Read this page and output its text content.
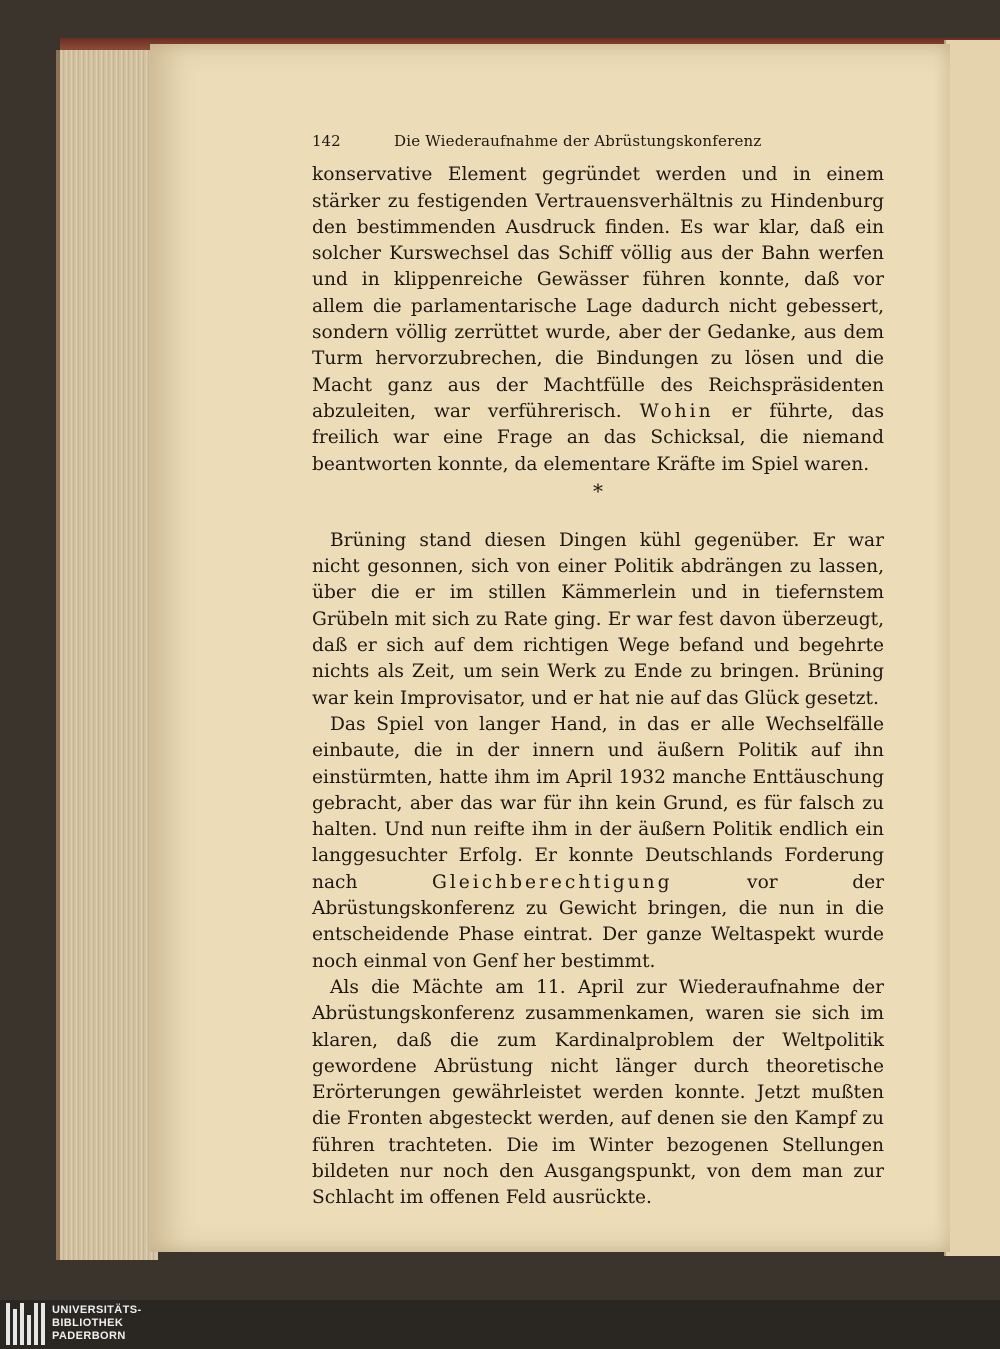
142	Die Wiederaufnahme der Abrüstungskonferenz

konservative Element gegründet werden und in einem stärker zu festigenden Vertrauensverhältnis zu Hindenburg den bestimmenden Ausdruck finden. Es war klar, daß ein solcher Kurswechsel das Schiff völlig aus der Bahn werfen und in klippenreiche Gewässer führen konnte, daß vor allem die parlamentarische Lage dadurch nicht gebessert, sondern völlig zerrüttet wurde, aber der Gedanke, aus dem Turm hervorzubrechen, die Bindungen zu lösen und die Macht ganz aus der Machtfülle des Reichspräsidenten abzuleiten, war verführerisch. Wohin er führte, das freilich war eine Frage an das Schicksal, die niemand beantworten konnte, da elementare Kräfte im Spiel waren.

*

Brüning stand diesen Dingen kühl gegenüber. Er war nicht gesonnen, sich von einer Politik abdrängen zu lassen, über die er im stillen Kämmerlein und in tiefernstem Grübeln mit sich zu Rate ging. Er war fest davon überzeugt, daß er sich auf dem richtigen Wege befand und begehrte nichts als Zeit, um sein Werk zu Ende zu bringen. Brüning war kein Improvisator, und er hat nie auf das Glück gesetzt.

Das Spiel von langer Hand, in das er alle Wechselfälle einbaute, die in der innern und äußern Politik auf ihn einstürmten, hatte ihm im April 1932 manche Enttäuschung gebracht, aber das war für ihn kein Grund, es für falsch zu halten. Und nun reifte ihm in der äußern Politik endlich ein langgesuchter Erfolg. Er konnte Deutschlands Forderung nach	Gleichberechtigung vor der Abrüstungskonferenz zu Gewicht bringen, die nun in die entscheidende Phase eintrat. Der ganze Weltaspekt wurde noch einmal von Genf her bestimmt.

Als die Mächte am 11. April zur Wiederaufnahme der Abrüstungskonferenz zusammenkamen, waren sie sich im klaren, daß die zum Kardinalproblem der Weltpolitik gewordene Abrüstung nicht länger durch theoretische Erörterungen gewährleistet werden konnte. Jetzt mußten die Fronten abgesteckt werden, auf denen sie den Kampf zu führen trachteten. Die im Winter bezogenen Stellungen bildeten nur noch den Ausgangspunkt, von dem man zur Schlacht im offenen Feld ausrückte.

UNIVERSITÄTS-
BIBLIOTHEK
PADERBORN
